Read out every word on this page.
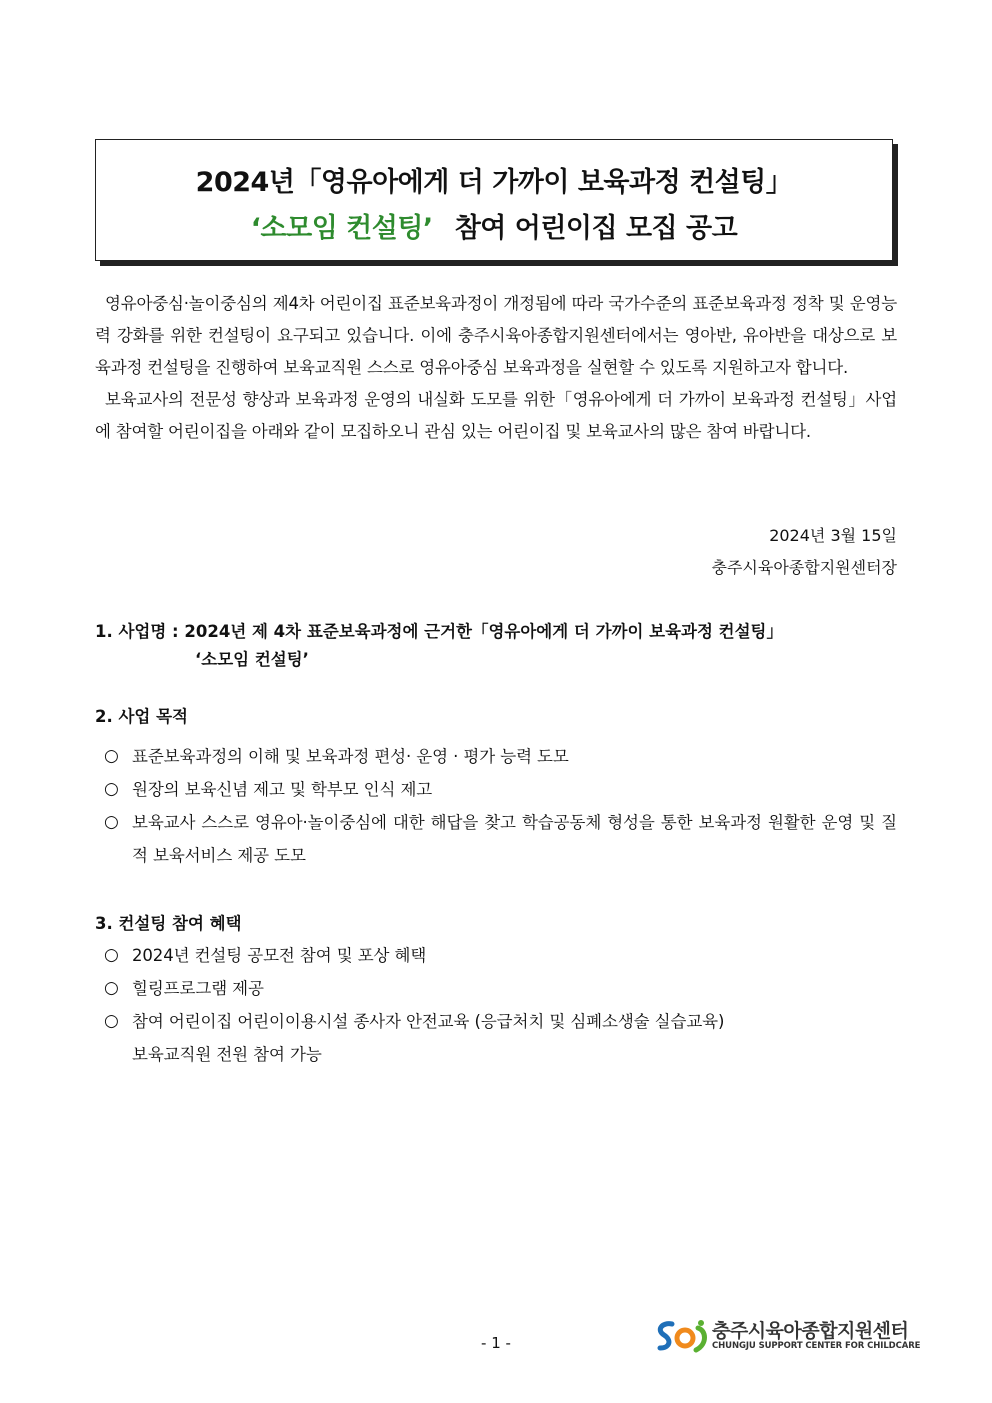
2024년「영유아에게 더 가까이 보육과정 컨설팅」
‘소모임 컨설팅’ 참여 어린이집 모집 공고

영유아중심·놀이중심의 제4차 어린이집 표준보육과정이 개정됨에 따라 국가수준의 표준보육과정 정착 및 운영능력 강화를 위한 컨설팅이 요구되고 있습니다. 이에 충주시육아종합지원센터에서는 영아반, 유아반을 대상으로 보육과정 컨설팅을 진행하여 보육교직원 스스로 영유아중심 보육과정을 실현할 수 있도록 지원하고자 합니다.

보육교사의 전문성 향상과 보육과정 운영의 내실화 도모를 위한「영유아에게 더 가까이 보육과정 컨설팅」사업에 참여할 어린이집을 아래와 같이 모집하오니 관심 있는 어린이집 및 보육교사의 많은 참여 바랍니다.

2024년 3월 15일
충주시육아종합지원센터장
1. 사업명 : 2024년 제 4차 표준보육과정에 근거한「영유아에게 더 가까이 보육과정 컨설팅」
‘소모임 컨설팅’
2. 사업 목적
○ 표준보육과정의 이해 및 보육과정 편성· 운영 · 평가 능력 도모
○ 원장의 보육신념 제고 및 학부모 인식 제고
○ 보육교사 스스로 영유아·놀이중심에 대한 해답을 찾고 학습공동체 형성을 통한 보육과정 원활한 운영 및 질적 보육서비스 제공 도모
3. 컨설팅 참여 혜택
○ 2024년 컨설팅 공모전 참여 및 포상 혜택
○ 힐링프로그램 제공
○ 참여 어린이집 어린이이용시설 종사자 안전교육 (응급처치 및 심폐소생술 실습교육)
보육교직원 전원 참여 가능
- 1 -
충주시육아종합지원센터
CHUNGJU SUPPORT CENTER FOR CHILDCARE
